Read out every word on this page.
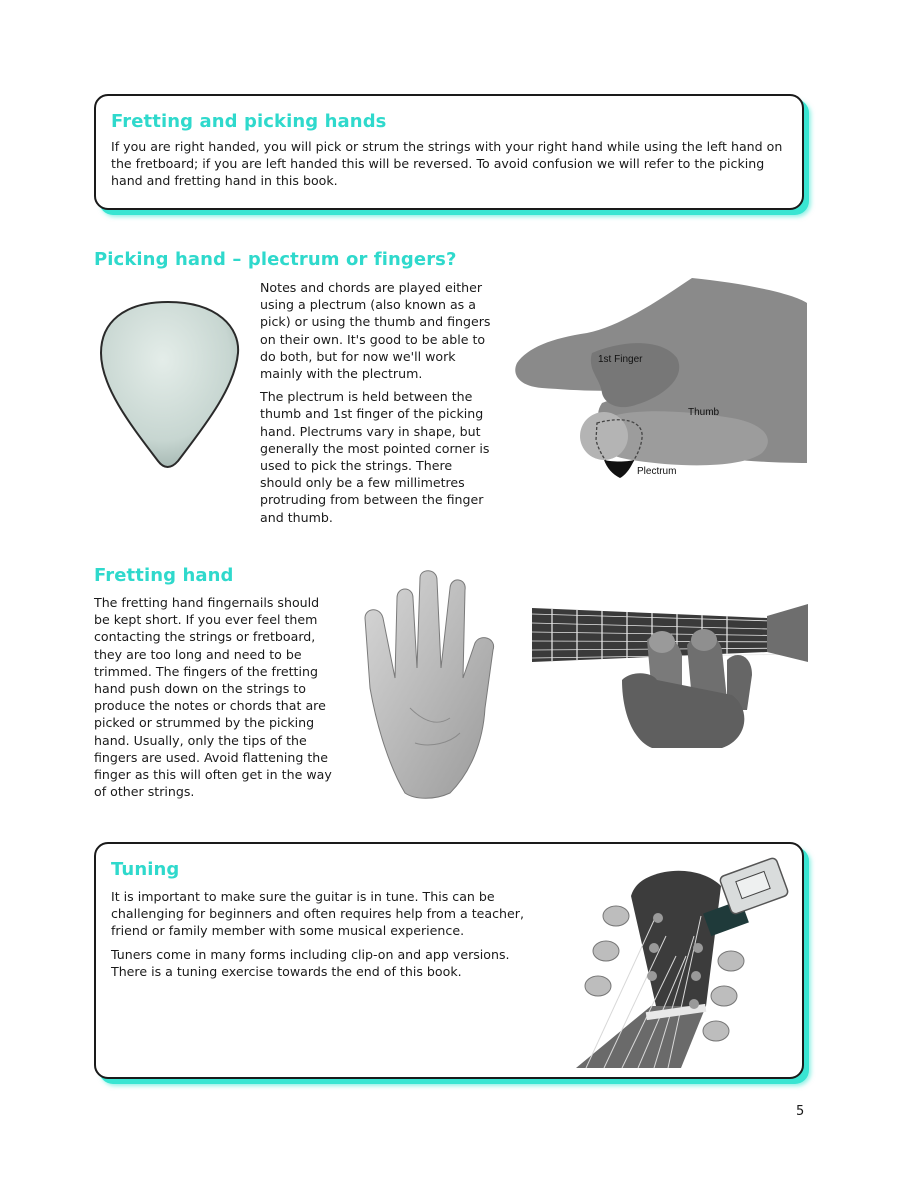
Fretting and picking hands

If you are right handed, you will pick or strum the strings with your right hand while using the left hand on the fretboard; if you are left handed this will be reversed. To avoid confusion we will refer to the picking hand and fretting hand in this book.

Picking hand – plectrum or fingers?

Notes and chords are played either using a plectrum (also known as a pick) or using the thumb and fingers on their own. It's good to be able to do both, but for now we'll work mainly with the plectrum.

The plectrum is held between the thumb and 1st finger of the picking hand. Plectrums vary in shape, but generally the most pointed corner is used to pick the strings. There should only be a few millimetres protruding from between the finger and thumb.

1st Finger
Thumb
Plectrum
Fretting hand

The fretting hand fingernails should be kept short. If you ever feel them contacting the strings or fretboard, they are too long and need to be trimmed. The fingers of the fretting hand push down on the strings to produce the notes or chords that are picked or strummed by the picking hand. Usually, only the tips of the fingers are used. Avoid flattening the finger as this will often get in the way of other strings.

Tuning

It is important to make sure the guitar is in tune. This can be challenging for beginners and often requires help from a teacher, friend or family member with some musical experience.

Tuners come in many forms including clip-on and app versions. There is a tuning exercise towards the end of this book.

5
